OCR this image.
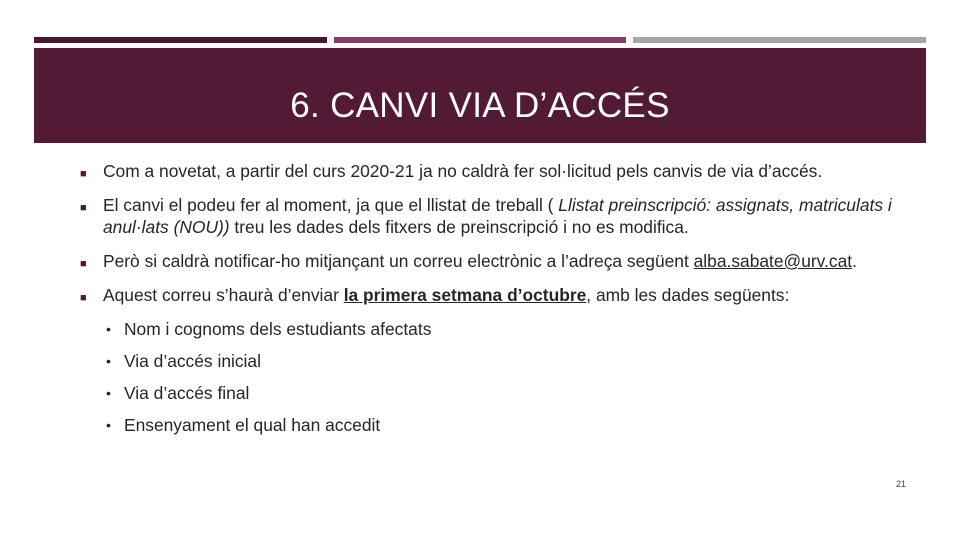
6. CANVI VIA D’ACCÉS
■ Com a novetat, a partir del curs 2020-21 ja no caldrà fer sol·licitud pels canvis de via d’accés.
■ El canvi el podeu fer al moment, ja que el llistat de treball ( Llistat preinscripció: assignats, matriculats i anul·lats (NOU)) treu les dades dels fitxers de preinscripció i no es modifica.
■ Però si caldrà notificar-ho mitjançant un correu electrònic a l’adreça següent alba.sabate@urv.cat.
■ Aquest correu s’haurà d’enviar la primera setmana d’octubre, amb les dades següents:
• Nom i cognoms dels estudiants afectats
• Via d’accés inicial
• Via d’accés final
• Ensenyament el qual han accedit
21
